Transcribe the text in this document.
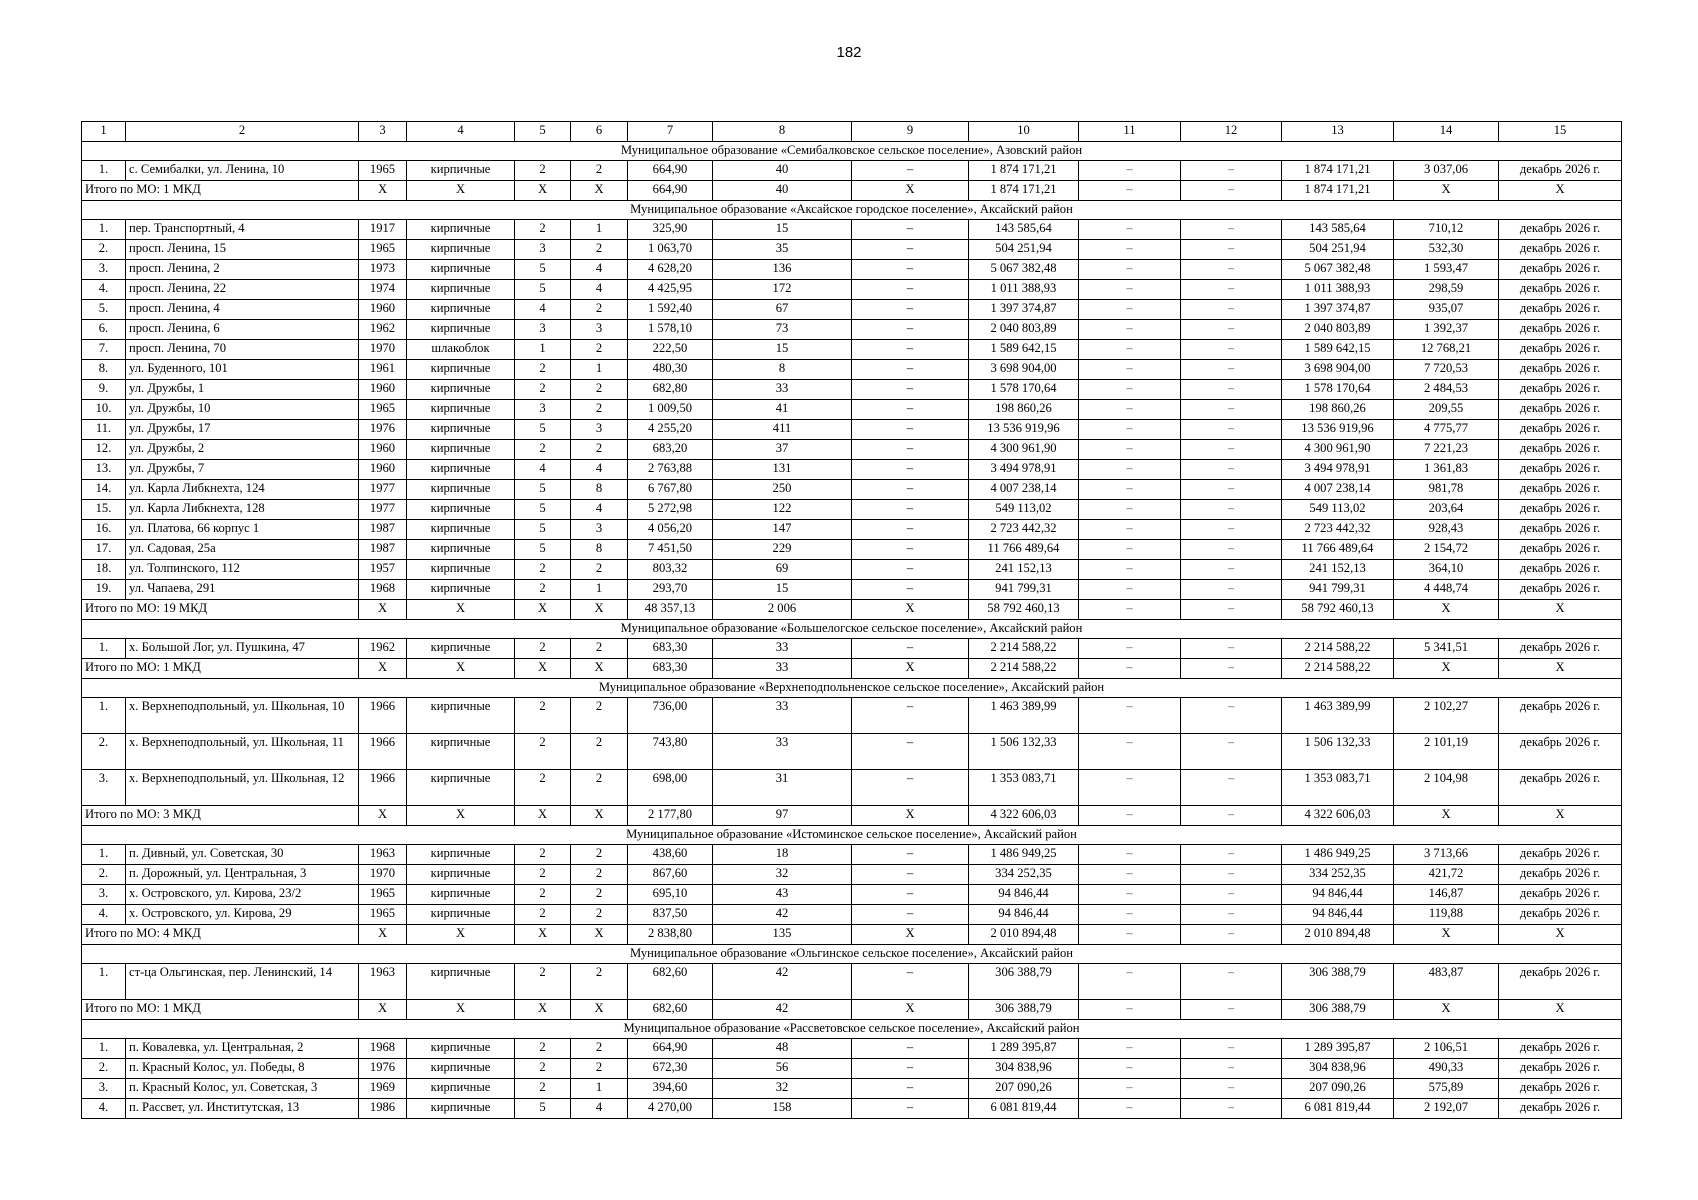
182
1	2	3	4	5	6	7	8	9	10	11	12	13	14	15
Муниципальное образование «Семибалковское сельское поселение», Азовский район														
1.	с. Семибалки, ул. Ленина, 10	1965	кирпичные	2	2	664,90	40	–	1 874 171,21	–	–	1 874 171,21	3 037,06	декабрь 2026 г.
Итого по МО: 1 МКД		X	X	X	X	664,90	40	X	1 874 171,21	–	–	1 874 171,21	X	X
Муниципальное образование «Аксайское городское поселение», Аксайский район														
1.	пер. Транспортный, 4	1917	кирпичные	2	1	325,90	15	–	143 585,64	–	–	143 585,64	710,12	декабрь 2026 г.
2.	просп. Ленина, 15	1965	кирпичные	3	2	1 063,70	35	–	504 251,94	–	–	504 251,94	532,30	декабрь 2026 г.
3.	просп. Ленина, 2	1973	кирпичные	5	4	4 628,20	136	–	5 067 382,48	–	–	5 067 382,48	1 593,47	декабрь 2026 г.
4.	просп. Ленина, 22	1974	кирпичные	5	4	4 425,95	172	–	1 011 388,93	–	–	1 011 388,93	298,59	декабрь 2026 г.
5.	просп. Ленина, 4	1960	кирпичные	4	2	1 592,40	67	–	1 397 374,87	–	–	1 397 374,87	935,07	декабрь 2026 г.
6.	просп. Ленина, 6	1962	кирпичные	3	3	1 578,10	73	–	2 040 803,89	–	–	2 040 803,89	1 392,37	декабрь 2026 г.
7.	просп. Ленина, 70	1970	шлакоблок	1	2	222,50	15	–	1 589 642,15	–	–	1 589 642,15	12 768,21	декабрь 2026 г.
8.	ул. Буденного, 101	1961	кирпичные	2	1	480,30	8	–	3 698 904,00	–	–	3 698 904,00	7 720,53	декабрь 2026 г.
9.	ул. Дружбы, 1	1960	кирпичные	2	2	682,80	33	–	1 578 170,64	–	–	1 578 170,64	2 484,53	декабрь 2026 г.
10.	ул. Дружбы, 10	1965	кирпичные	3	2	1 009,50	41	–	198 860,26	–	–	198 860,26	209,55	декабрь 2026 г.
11.	ул. Дружбы, 17	1976	кирпичные	5	3	4 255,20	411	–	13 536 919,96	–	–	13 536 919,96	4 775,77	декабрь 2026 г.
12.	ул. Дружбы, 2	1960	кирпичные	2	2	683,20	37	–	4 300 961,90	–	–	4 300 961,90	7 221,23	декабрь 2026 г.
13.	ул. Дружбы, 7	1960	кирпичные	4	4	2 763,88	131	–	3 494 978,91	–	–	3 494 978,91	1 361,83	декабрь 2026 г.
14.	ул. Карла Либкнехта, 124	1977	кирпичные	5	8	6 767,80	250	–	4 007 238,14	–	–	4 007 238,14	981,78	декабрь 2026 г.
15.	ул. Карла Либкнехта, 128	1977	кирпичные	5	4	5 272,98	122	–	549 113,02	–	–	549 113,02	203,64	декабрь 2026 г.
16.	ул. Платова, 66 корпус 1	1987	кирпичные	5	3	4 056,20	147	–	2 723 442,32	–	–	2 723 442,32	928,43	декабрь 2026 г.
17.	ул. Садовая, 25а	1987	кирпичные	5	8	7 451,50	229	–	11 766 489,64	–	–	11 766 489,64	2 154,72	декабрь 2026 г.
18.	ул. Толпинского, 112	1957	кирпичные	2	2	803,32	69	–	241 152,13	–	–	241 152,13	364,10	декабрь 2026 г.
19.	ул. Чапаева, 291	1968	кирпичные	2	1	293,70	15	–	941 799,31	–	–	941 799,31	4 448,74	декабрь 2026 г.
Итого по МО: 19 МКД		X	X	X	X	48 357,13	2 006	X	58 792 460,13	–	–	58 792 460,13	X	X
Муниципальное образование «Большелогское сельское поселение», Аксайский район														
1.	х. Большой Лог, ул. Пушкина, 47	1962	кирпичные	2	2	683,30	33	–	2 214 588,22	–	–	2 214 588,22	5 341,51	декабрь 2026 г.
Итого по МО: 1 МКД		X	X	X	X	683,30	33	X	2 214 588,22	–	–	2 214 588,22	X	X
Муниципальное образование «Верхнеподпольненское сельское поселение», Аксайский район														
1.	х. Верхнеподпольный, ул. Школьная, 10	1966	кирпичные	2	2	736,00	33	–	1 463 389,99	–	–	1 463 389,99	2 102,27	декабрь 2026 г.
2.	х. Верхнеподпольный, ул. Школьная, 11	1966	кирпичные	2	2	743,80	33	–	1 506 132,33	–	–	1 506 132,33	2 101,19	декабрь 2026 г.
3.	х. Верхнеподпольный, ул. Школьная, 12	1966	кирпичные	2	2	698,00	31	–	1 353 083,71	–	–	1 353 083,71	2 104,98	декабрь 2026 г.
Итого по МО: 3 МКД		X	X	X	X	2 177,80	97	X	4 322 606,03	–	–	4 322 606,03	X	X
Муниципальное образование «Истоминское сельское поселение», Аксайский район														
1.	п. Дивный, ул. Советская, 30	1963	кирпичные	2	2	438,60	18	–	1 486 949,25	–	–	1 486 949,25	3 713,66	декабрь 2026 г.
2.	п. Дорожный, ул. Центральная, 3	1970	кирпичные	2	2	867,60	32	–	334 252,35	–	–	334 252,35	421,72	декабрь 2026 г.
3.	х. Островского, ул. Кирова, 23/2	1965	кирпичные	2	2	695,10	43	–	94 846,44	–	–	94 846,44	146,87	декабрь 2026 г.
4.	х. Островского, ул. Кирова, 29	1965	кирпичные	2	2	837,50	42	–	94 846,44	–	–	94 846,44	119,88	декабрь 2026 г.
Итого по МО: 4 МКД		X	X	X	X	2 838,80	135	X	2 010 894,48	–	–	2 010 894,48	X	X
Муниципальное образование «Ольгинское сельское поселение», Аксайский район														
1.	ст-ца Ольгинская, пер. Ленинский, 14	1963	кирпичные	2	2	682,60	42	–	306 388,79	–	–	306 388,79	483,87	декабрь 2026 г.
Итого по МО: 1 МКД		X	X	X	X	682,60	42	X	306 388,79	–	–	306 388,79	X	X
Муниципальное образование «Рассветовское сельское поселение», Аксайский район														
1.	п. Ковалевка, ул. Центральная, 2	1968	кирпичные	2	2	664,90	48	–	1 289 395,87	–	–	1 289 395,87	2 106,51	декабрь 2026 г.
2.	п. Красный Колос, ул. Победы, 8	1976	кирпичные	2	2	672,30	56	–	304 838,96	–	–	304 838,96	490,33	декабрь 2026 г.
3.	п. Красный Колос, ул. Советская, 3	1969	кирпичные	2	1	394,60	32	–	207 090,26	–	–	207 090,26	575,89	декабрь 2026 г.
4.	п. Рассвет, ул. Институтская, 13	1986	кирпичные	5	4	4 270,00	158	–	6 081 819,44	–	–	6 081 819,44	2 192,07	декабрь 2026 г.
